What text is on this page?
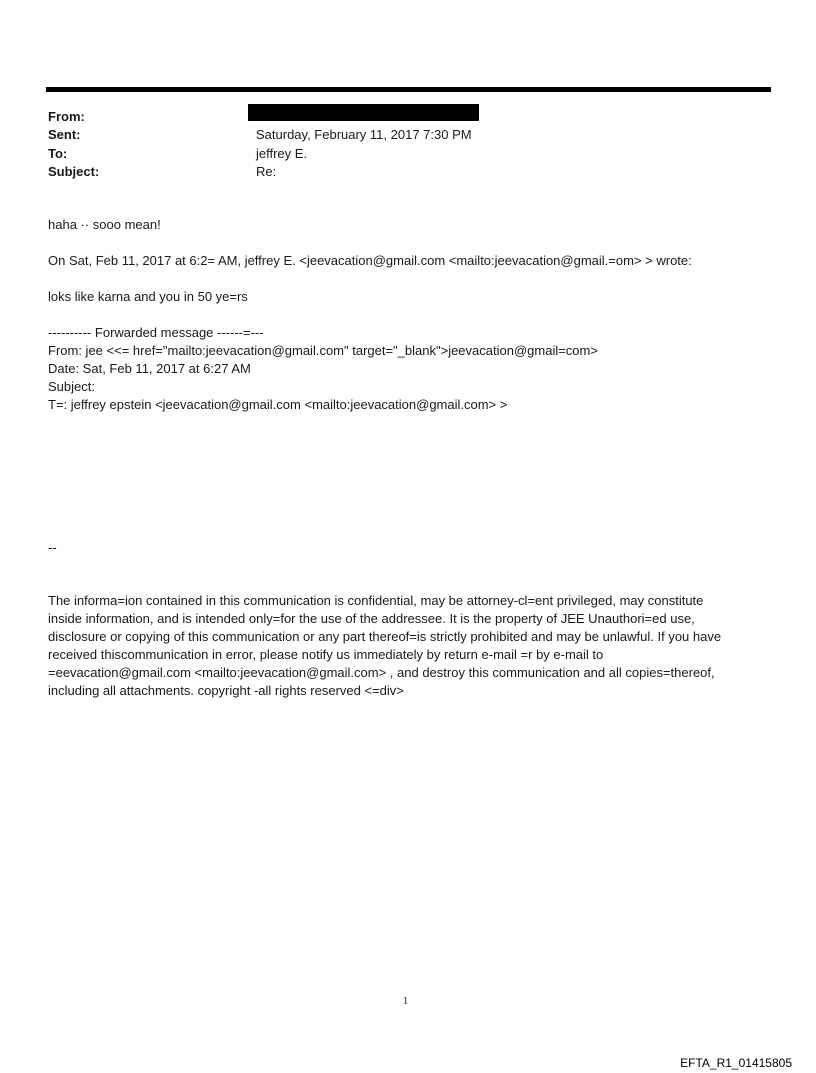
From:
Sent:	Saturday, February 11, 2017 7:30 PM
To:	jeffrey E.
Subject:	Re:
haha ·· sooo mean!
On Sat, Feb 11, 2017 at 6:2= AM, jeffrey E. <jeevacation@gmail.com <mailto:jeevacation@gmail.=om> > wrote:
loks like karna and you in 50 ye=rs
---------- Forwarded message ------=---
From: jee <<= href="mailto:jeevacation@gmail.com" target="_blank">jeevacation@gmail=com>
Date: Sat, Feb 11, 2017 at 6:27 AM
Subject:
T=: jeffrey epstein <jeevacation@gmail.com <mailto:jeevacation@gmail.com> >
--

The informa=ion contained in this communication is confidential, may be attorney-cl=ent privileged, may constitute

inside information, and is intended only=for the use of the addressee. It is the property of JEE Unauthori=ed use,

disclosure or copying of this communication or any part thereof=is strictly prohibited and may be unlawful. If you have

received thiscommunication in error, please notify us immediately by return e-mail =r by e-mail to

=eevacation@gmail.com <mailto:jeevacation@gmail.com> , and destroy this communication and all copies=thereof,

including all attachments. copyright -all rights reserved <=div>

1
EFTA_R1_01415805
